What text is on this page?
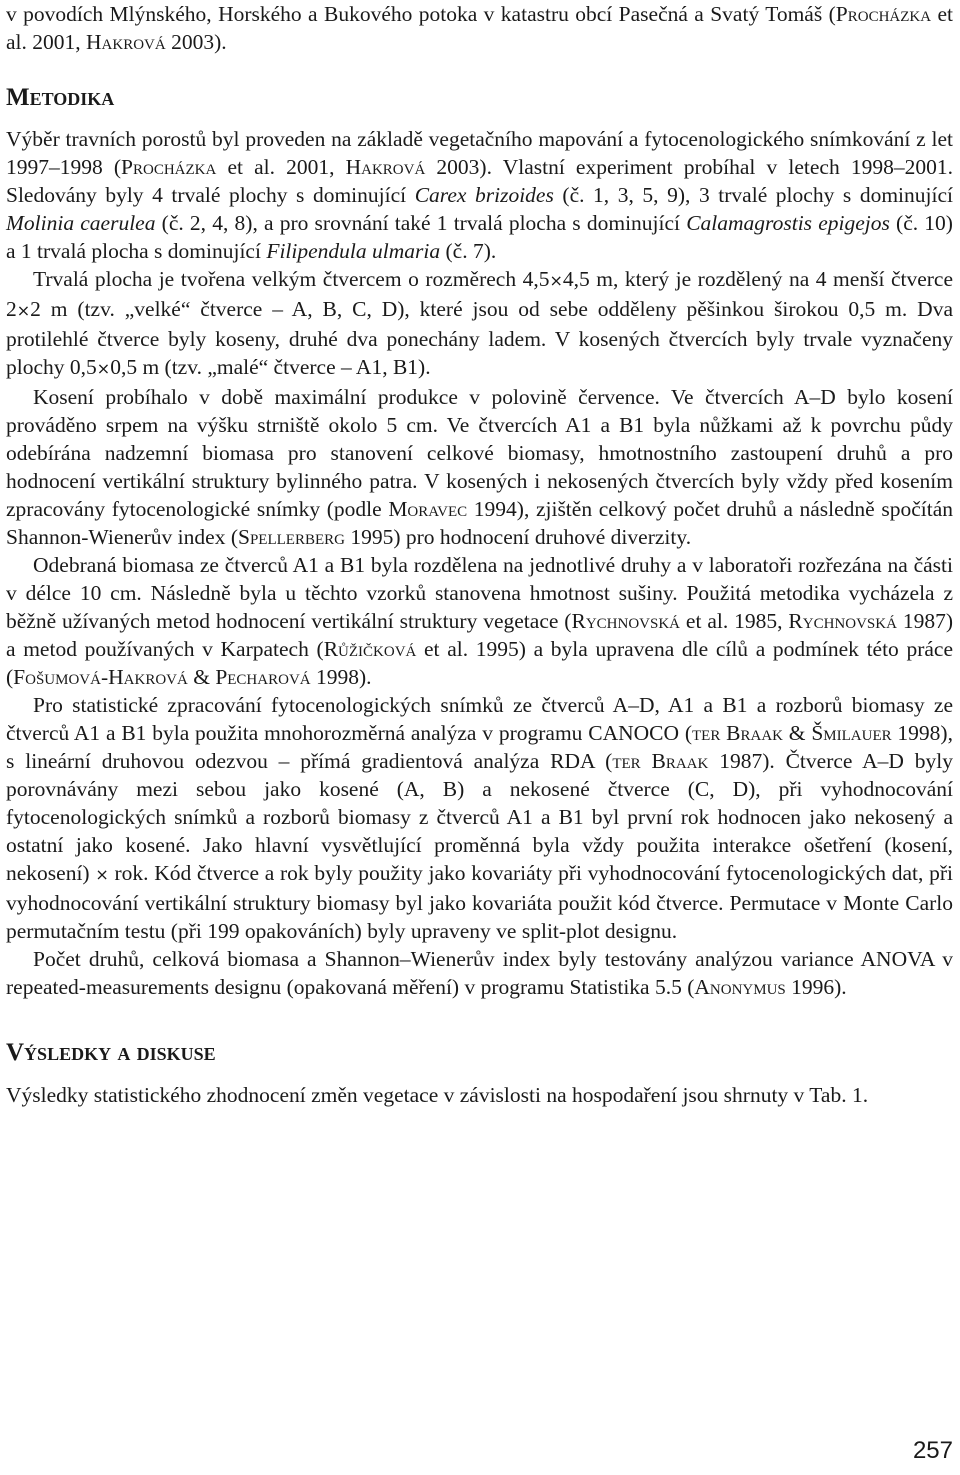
v povodích Mlýnského, Horského a Bukového potoka v katastru obcí Pasečná a Svatý Tomáš (Procházka et al. 2001, Hakrová 2003).

Metodika

Výběr travních porostů byl proveden na základě vegetačního mapování a fytocenologického snímkování z let 1997–1998 (Procházka et al. 2001, Hakrová 2003). Vlastní experiment probíhal v letech 1998–2001. Sledovány byly 4 trvalé plochy s dominující Carex brizoides (č. 1, 3, 5, 9), 3 trvalé plochy s dominující Molinia caerulea (č. 2, 4, 8), a pro srovnání také 1 trvalá plocha s dominující Calamagrostis epigejos (č. 10) a 1 trvalá plocha s dominující Filipendula ulmaria (č. 7).

Trvalá plocha je tvořena velkým čtvercem o rozměrech 4,5×4,5 m, který je rozdělený na 4 menší čtverce 2×2 m (tzv. „velké“ čtverce – A, B, C, D), které jsou od sebe odděleny pěšinkou širokou 0,5 m. Dva protilehlé čtverce byly koseny, druhé dva ponechány ladem. V kosených čtvercích byly trvale vyznačeny plochy 0,5×0,5 m (tzv. „malé“ čtverce – A1, B1).

Kosení probíhalo v době maximální produkce v polovině července. Ve čtvercích A–D bylo kosení prováděno srpem na výšku strniště okolo 5 cm. Ve čtvercích A1 a B1 byla nůžkami až k povrchu půdy odebírána nadzemní biomasa pro stanovení celkové biomasy, hmotnostního zastoupení druhů a pro hodnocení vertikální struktury bylinného patra. V kosených i nekosených čtvercích byly vždy před kosením zpracovány fytocenologické snímky (podle Moravec 1994), zjištěn celkový počet druhů a následně spočítán Shannon-Wienerův index (Spellerberg 1995) pro hodnocení druhové diverzity.

Odebraná biomasa ze čtverců A1 a B1 byla rozdělena na jednotlivé druhy a v laboratoři rozřezána na části v délce 10 cm. Následně byla u těchto vzorků stanovena hmotnost sušiny. Použitá metodika vycházela z běžně užívaných metod hodnocení vertikální struktury vegetace (Rychnovská et al. 1985, Rychnovská 1987) a metod používaných v Karpatech (Růžičková et al. 1995) a byla upravena dle cílů a podmínek této práce (Fošumová-Hakrová & Pecharová 1998).

Pro statistické zpracování fytocenologických snímků ze čtverců A–D, A1 a B1 a rozborů biomasy ze čtverců A1 a B1 byla použita mnohorozměrná analýza v programu CANOCO (ter Braak & Šmilauer 1998), s lineární druhovou odezvou – přímá gradientová analýza RDA (ter Braak 1987). Čtverce A–D byly porovnávány mezi sebou jako kosené (A, B) a nekosené čtverce (C, D), při vyhodnocování fytocenologických snímků a rozborů biomasy z čtverců A1 a B1 byl první rok hodnocen jako nekosený a ostatní jako kosené. Jako hlavní vysvětlující proměnná byla vždy použita interakce ošetření (kosení, nekosení) × rok. Kód čtverce a rok byly použity jako kovariáty při vyhodnocování fytocenologických dat, při vyhodnocování vertikální struktury biomasy byl jako kovariáta použit kód čtverce. Permutace v Monte Carlo permutačním testu (při 199 opakováních) byly upraveny ve split-plot designu.

Počet druhů, celková biomasa a Shannon–Wienerův index byly testovány analýzou variance ANOVA v repeated-measurements designu (opakovaná měření) v programu Statistika 5.5 (Anonymus 1996).

Výsledky a diskuse

Výsledky statistického zhodnocení změn vegetace v závislosti na hospodaření jsou shrnuty v Tab. 1.

257
